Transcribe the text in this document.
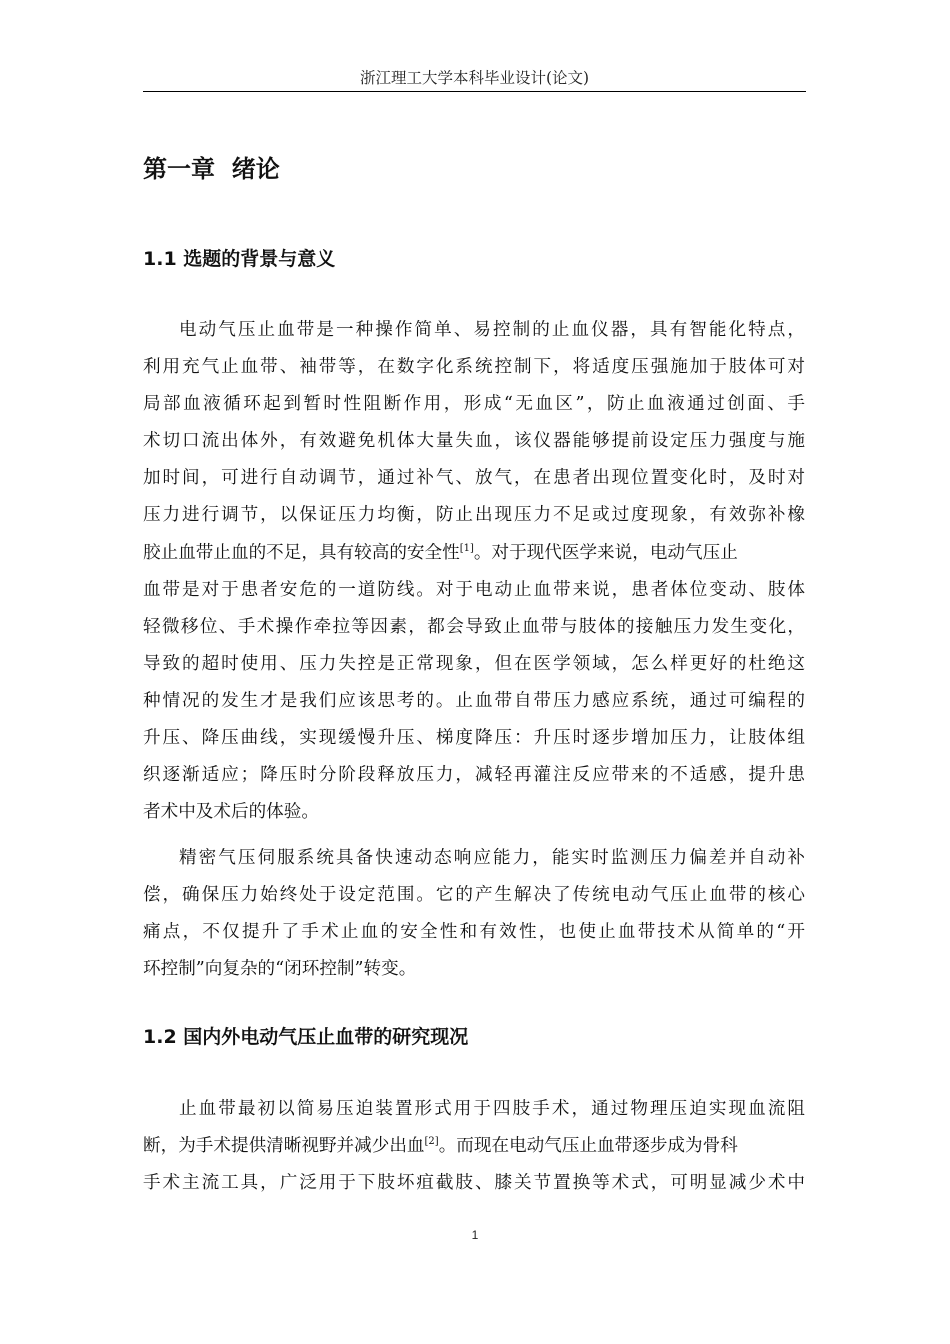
浙江理工大学本科毕业设计(论文)
第一章  绪论
1.1 选题的背景与意义
电动气压止血带是一种操作简单、易控制的止血仪器，具有智能化特点，
利用充气止血带、袖带等，在数字化系统控制下，将适度压强施加于肢体可对
局部血液循环起到暂时性阻断作用，形成“无血区”，防止血液通过创面、手
术切口流出体外，有效避免机体大量失血，该仪器能够提前设定压力强度与施
加时间，可进行自动调节，通过补气、放气，在患者出现位置变化时，及时对
压力进行调节，以保证压力均衡，防止出现压力不足或过度现象，有效弥补橡
胶止血带止血的不足，具有较高的安全性[1]。对于现代医学来说，电动气压止
血带是对于患者安危的一道防线。对于电动止血带来说，患者体位变动、肢体
轻微移位、手术操作牵拉等因素，都会导致止血带与肢体的接触压力发生变化，
导致的超时使用、压力失控是正常现象，但在医学领域，怎么样更好的杜绝这
种情况的发生才是我们应该思考的。止血带自带压力感应系统，通过可编程的
升压、降压曲线，实现缓慢升压、梯度降压：升压时逐步增加压力，让肢体组
织逐渐适应；降压时分阶段释放压力，减轻再灌注反应带来的不适感，提升患
者术中及术后的体验。
精密气压伺服系统具备快速动态响应能力，能实时监测压力偏差并自动补
偿，确保压力始终处于设定范围。它的产生解决了传统电动气压止血带的核心
痛点，不仅提升了手术止血的安全性和有效性，也使止血带技术从简单的“开
环控制”向复杂的“闭环控制”转变。
1.2 国内外电动气压止血带的研究现况
止血带最初以简易压迫装置形式用于四肢手术，通过物理压迫实现血流阻
断，为手术提供清晰视野并减少出血[2]。而现在电动气压止血带逐步成为骨科
手术主流工具，广泛用于下肢坏疽截肢、膝关节置换等术式，可明显减少术中
1
